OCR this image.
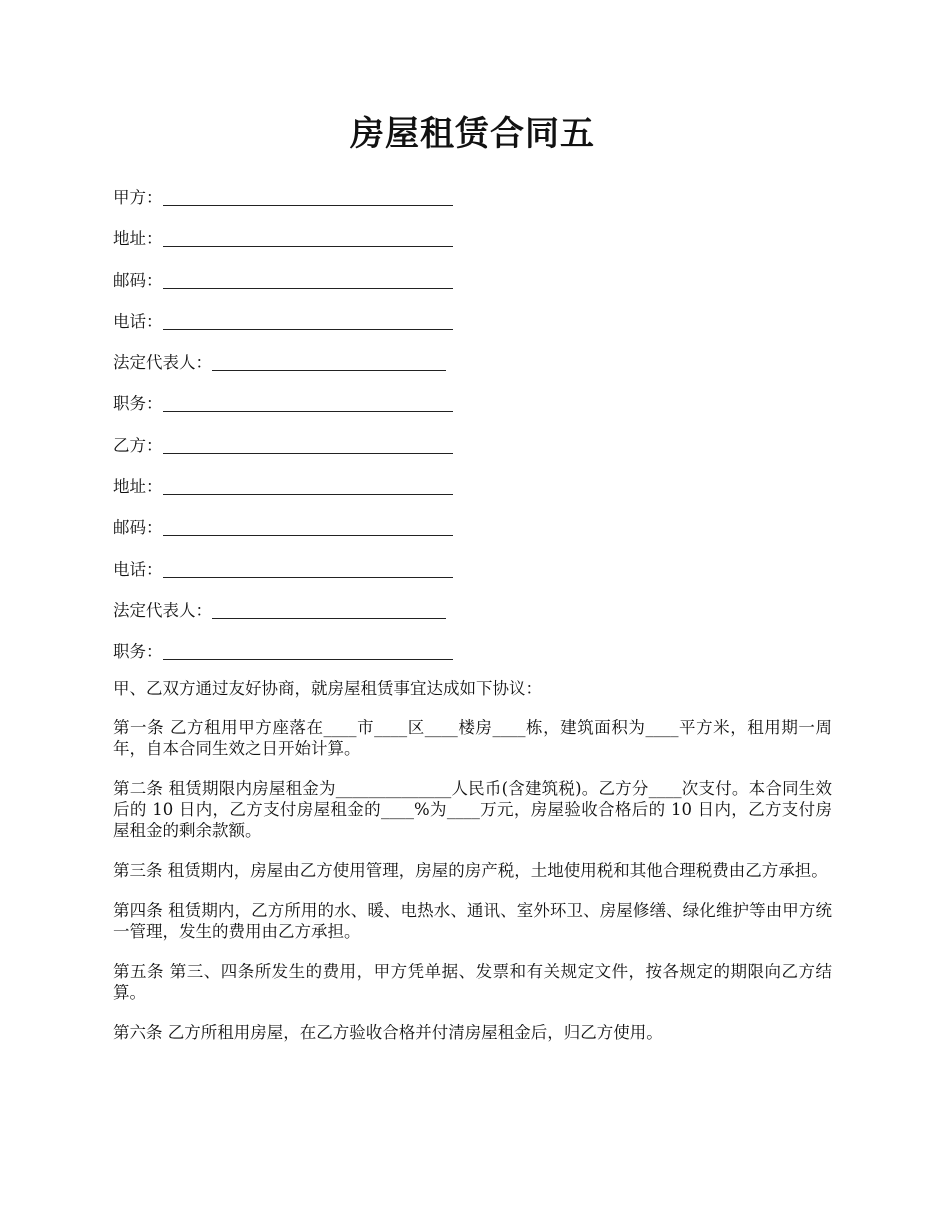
房屋租赁合同五
甲方：
地址：
邮码：
电话：
法定代表人：
职务：
乙方：
地址：
邮码：
电话：
法定代表人：
职务：

甲、乙双方通过友好协商，就房屋租赁事宜达成如下协议：

第一条 乙方租用甲方座落在____市____区____楼房____栋，建筑面积为____平方米，租用期一周年，自本合同生效之日开始计算。

第二条 租赁期限内房屋租金为______________人民币(含建筑税)。乙方分____次支付。本合同生效后的 10 日内，乙方支付房屋租金的____%为____万元，房屋验收合格后的 10 日内，乙方支付房屋租金的剩余款额。

第三条 租赁期内，房屋由乙方使用管理，房屋的房产税，土地使用税和其他合理税费由乙方承担。

第四条 租赁期内，乙方所用的水、暖、电热水、通讯、室外环卫、房屋修缮、绿化维护等由甲方统一管理，发生的费用由乙方承担。

第五条 第三、四条所发生的费用，甲方凭单据、发票和有关规定文件，按各规定的期限向乙方结算。

第六条 乙方所租用房屋，在乙方验收合格并付清房屋租金后，归乙方使用。
